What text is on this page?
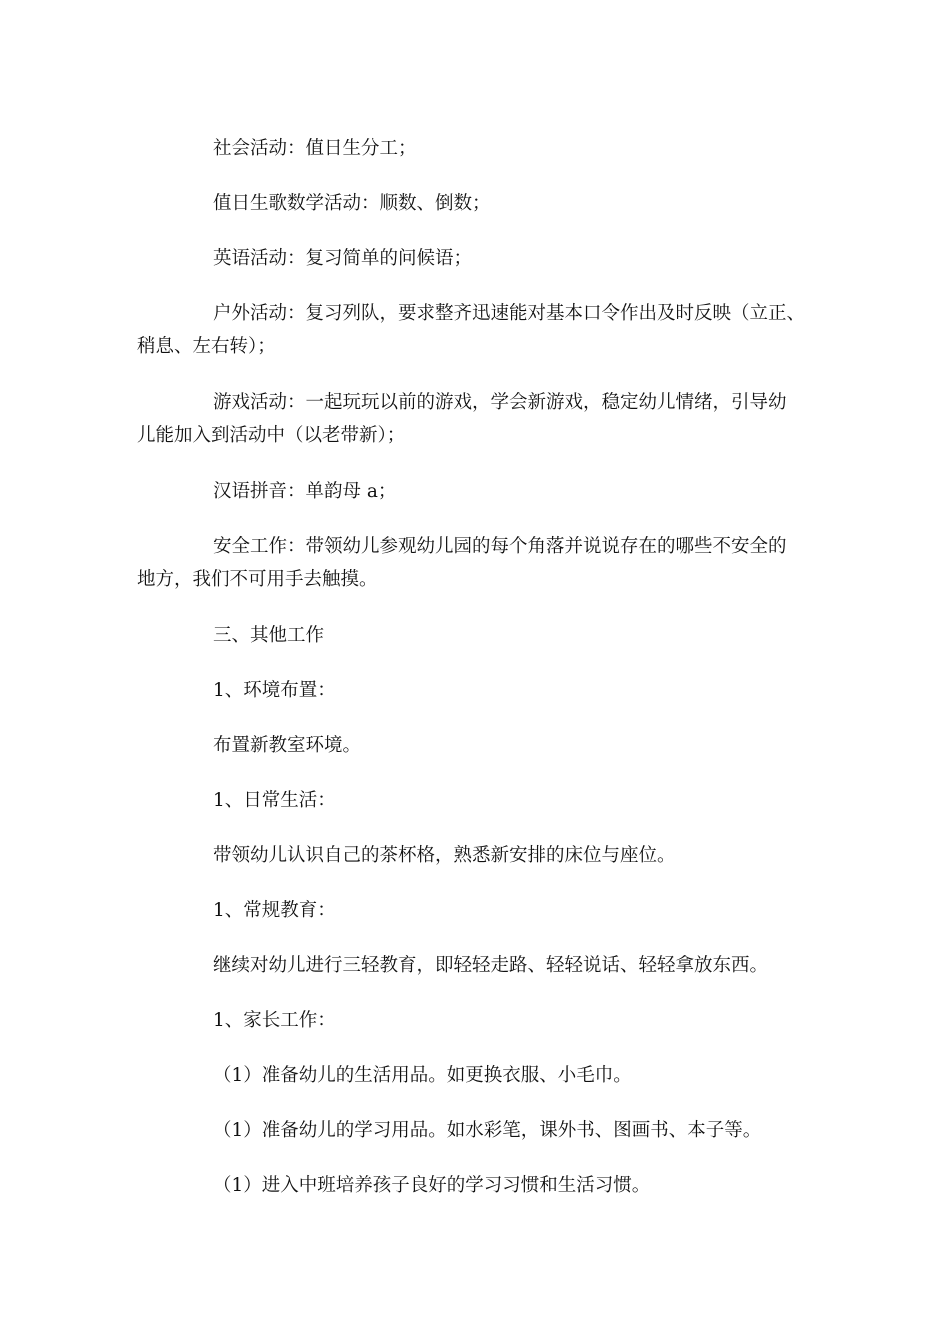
社会活动：值日生分工；
值日生歌数学活动：顺数、倒数；
英语活动：复习简单的问候语；
户外活动：复习列队，要求整齐迅速能对基本口令作出及时反映（立正、
稍息、左右转）；
游戏活动：一起玩玩以前的游戏，学会新游戏，稳定幼儿情绪，引导幼
儿能加入到活动中（以老带新）；
汉语拼音：单韵母 a；
安全工作：带领幼儿参观幼儿园的每个角落并说说存在的哪些不安全的
地方，我们不可用手去触摸。
三、其他工作
1、环境布置：
布置新教室环境。
1、日常生活：
带领幼儿认识自己的茶杯格，熟悉新安排的床位与座位。
1、常规教育：
继续对幼儿进行三轻教育，即轻轻走路、轻轻说话、轻轻拿放东西。
1、家长工作：
（1）准备幼儿的生活用品。如更换衣服、小毛巾。
（1）准备幼儿的学习用品。如水彩笔，课外书、图画书、本子等。
（1）进入中班培养孩子良好的学习习惯和生活习惯。
